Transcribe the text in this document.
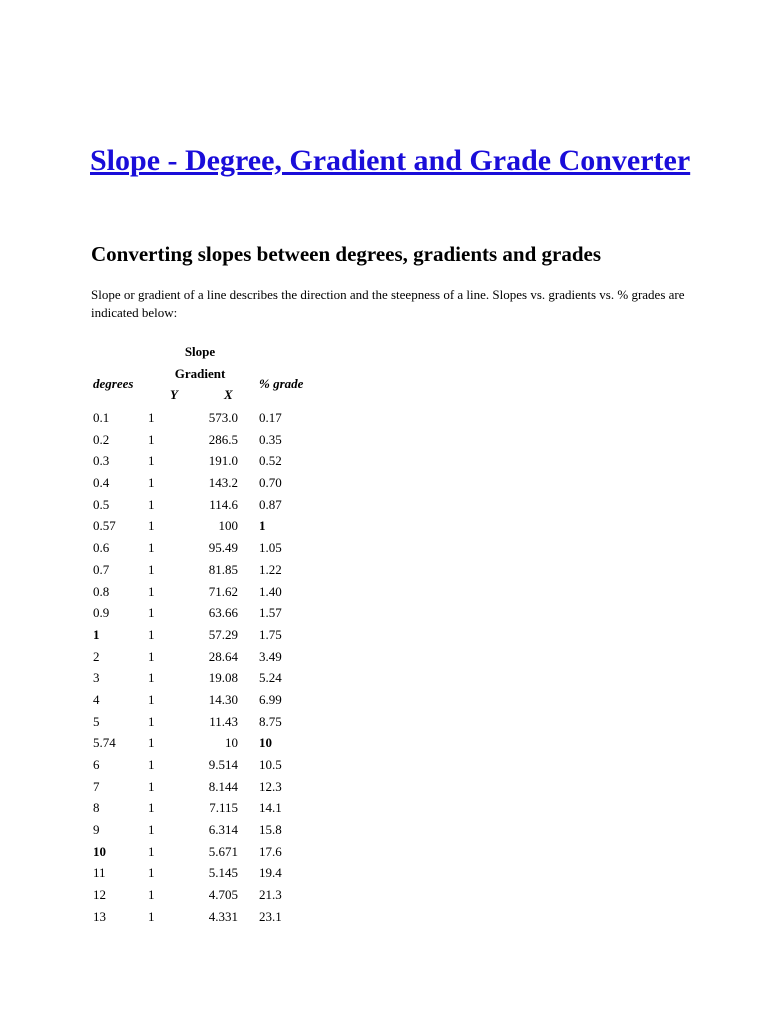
Slope - Degree, Gradient and Grade Converter
Converting slopes between degrees, gradients and grades

Slope or gradient of a line describes the direction and the steepness of a line. Slopes vs. gradients vs. % grades are indicated below:

degrees
Slope
Gradient
Y	X
% grade
0.1	1	573.0 0.17
0.2	1	286.5 0.35
0.3	1	191.0 0.52
0.4	1	143.2 0.70
0.5	1	114.6 0.87
0.57 1	100 1
0.6	1	95.49 1.05
0.7	1	81.85 1.22
0.8	1	71.62 1.40
0.9	1	63.66 1.57
1	1	57.29 1.75
2	1	28.64 3.49
3	1	19.08 5.24
4	1	14.30 6.99
5	1	11.43 8.75
5.74 1	10 10
6	1	9.514 10.5
7	1	8.144 12.3
8	1	7.115 14.1
9	1	6.314 15.8
10	1	5.671 17.6
11	1	5.145 19.4
12	1	4.705 21.3
13	1	4.331 23.1
